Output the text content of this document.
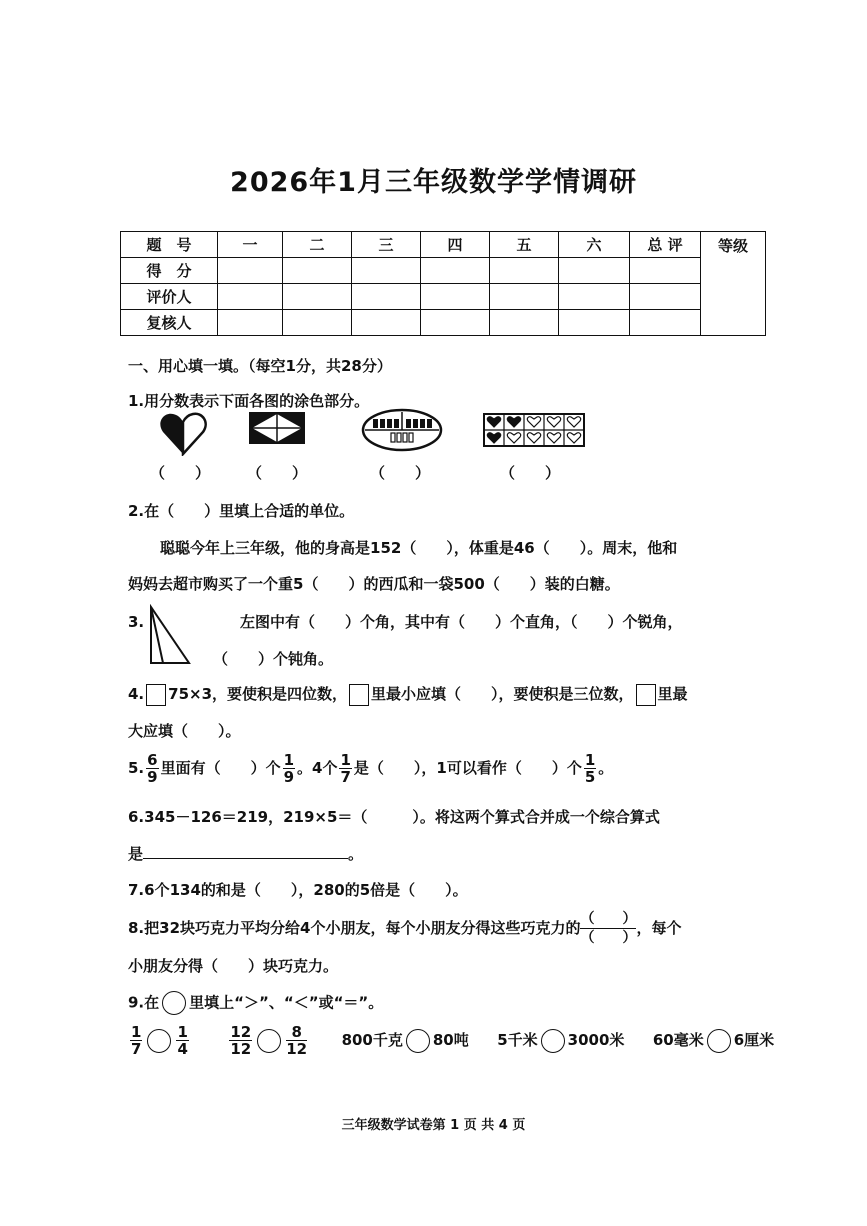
2026年1月三年级数学学情调研
题　号	一	二	三	四	五	六	总 评	等级
得　分								
评价人								
复核人								
一、用心填一填。（每空1分，共28分）
1.用分数表示下面各图的涂色部分。
（　　） （　　）	（　　）	（　　）
2.在（　　）里填上合适的单位。
聪聪今年上三年级，他的身高是152（　　），体重是46（　　）。周末，他和
妈妈去超市购买了一个重5（　　）的西瓜和一袋500（　　）装的白糖。
3.	左图中有（　　）个角，其中有（　　）个直角，（　　）个锐角，
（　　）个钝角。
4. 75×3，要使积是四位数， 里最小应填（　　），要使积是三位数， 里最
大应填（　　）。
5. $\frac{6}{9}$ 里面有（　　）个 $\frac{1}{9}$ 。4个 $\frac{1}{7}$ 是（　　），1可以看作（　　）个 $\frac{1}{5}$ 。
6.345－126＝219，219×5＝（　　　）。将这两个算式合并成一个综合算式
是	。
7.6个134的和是（　　），280的5倍是（　　）。
8.把32块巧克力平均分给4个小朋友，每个小朋友分得这些巧克力的 （　　）
（　　）
，每个
小朋友分得（　　）块巧克力。
9.在 里填上“＞”、“＜”或“＝”。
$\frac{1}{7} \frac{1}{4}$
	$\frac{12}{12} \frac{8}{12} 800$千克 80吨 5千米 3000米 60毫米 6厘米
三年级数学试卷第 1 页 共 4 页
